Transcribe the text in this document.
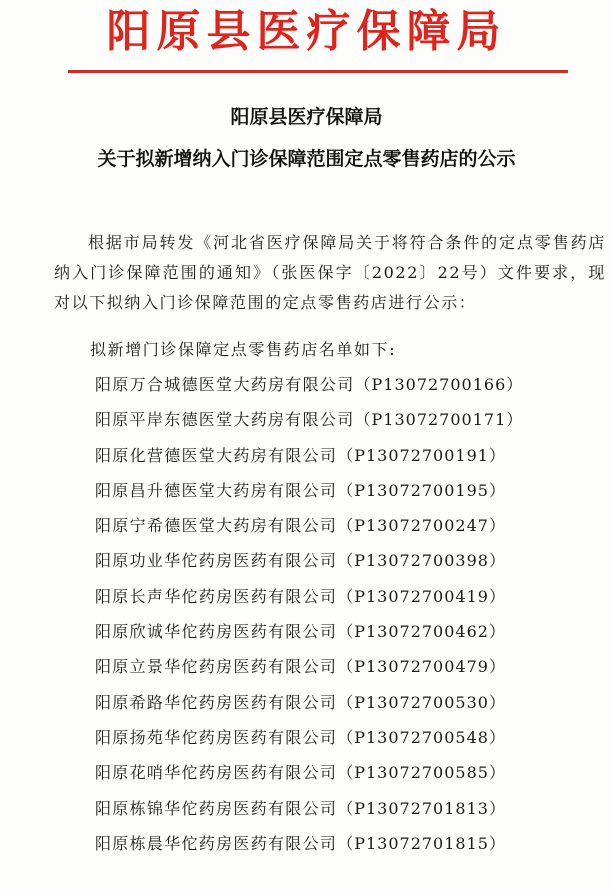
阳原县医疗保障局
阳原县医疗保障局
关于拟新增纳入门诊保障范围定点零售药店的公示
根据市局转发《河北省医疗保障局关于将符合条件的定点零售药店纳入门诊保障范围的通知》（张医保字〔2022〕22号）文件要求，现对以下拟纳入门诊保障范围的定点零售药店进行公示：
拟新增门诊保障定点零售药店名单如下:
阳原万合城德医堂大药房有限公司（P13072700166）
阳原平岸东德医堂大药房有限公司（P13072700171）
阳原化营德医堂大药房有限公司（P13072700191）
阳原昌升德医堂大药房有限公司（P13072700195）
阳原宁希德医堂大药房有限公司（P13072700247）
阳原功业华佗药房医药有限公司（P13072700398）
阳原长声华佗药房医药有限公司（P13072700419）
阳原欣诚华佗药房医药有限公司（P13072700462）
阳原立景华佗药房医药有限公司（P13072700479）
阳原希路华佗药房医药有限公司（P13072700530）
阳原扬苑华佗药房医药有限公司（P13072700548）
阳原花哨华佗药房医药有限公司（P13072700585）
阳原栋锦华佗药房医药有限公司（P13072701813）
阳原栋晨华佗药房医药有限公司（P13072701815）
